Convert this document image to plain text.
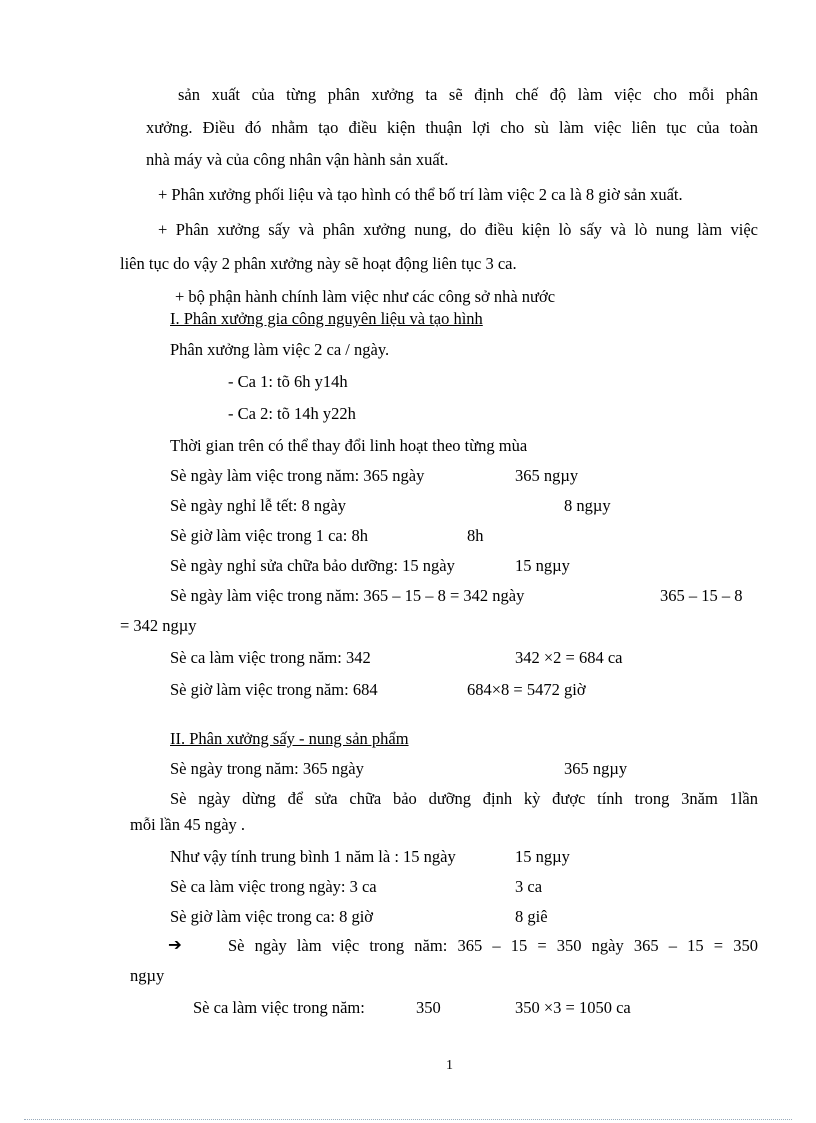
sản xuất của từng phân xưởng ta sẽ định chế độ làm việc cho mỗi phân
xưởng. Điều đó nhằm tạo điều kiện thuận lợi cho sù làm việc liên tục của toàn
nhà máy và của công nhân vận hành sản xuất.
+ Phân xưởng phối liệu và tạo hình có thể bố trí làm việc 2 ca là 8 giờ sản xuất.
+ Phân xưởng sấy và phân xưởng nung, do điều kiện lò sấy và lò nung làm việc
liên tục do vậy 2 phân xưởng này sẽ hoạt động liên tục 3 ca.
+ bộ phận hành chính làm việc như các công sở nhà nước
I. Phân xưởng gia công nguyên liệu và tạo hình
Phân xưởng làm việc 2 ca / ngày.
- Ca 1: tõ 6h y14h
- Ca 2: tõ 14h y22h
Thời gian trên có thể thay đổi linh hoạt theo từng mùa
Sè ngày làm việc trong năm: 365 ngày	365 ngµy
Sè ngày nghỉ lễ tết: 8 ngày	8 ngµy
Sè giờ làm việc trong 1 ca: 8h	8h
Sè ngày nghỉ sửa chữa bảo dưỡng: 15 ngày	15 ngµy
Sè ngày làm việc trong năm: 365 – 15 – 8 = 342 ngày	365 – 15 – 8
= 342 ngµy
Sè ca làm việc trong năm: 342	342 ×2 = 684 ca
Sè giờ làm việc trong năm: 684	684×8 = 5472 giờ
II. Phân xưởng sấy - nung sản phẩm
Sè ngày trong năm: 365 ngày	365 ngµy
Sè ngày dừng để sửa chữa bảo dưỡng định kỳ được tính trong 3năm 1lần
mỗi lần 45 ngày .
Như vậy tính trung bình 1 năm là : 15 ngày	15 ngµy
Sè ca làm việc trong ngày: 3 ca	3 ca
Sè giờ làm việc trong ca: 8 giờ	8 giê
➔	Sè ngày làm việc trong năm: 365 – 15 = 350 ngày 365 – 15 = 350
ngµy
Sè ca làm việc trong năm:	350	350 ×3 = 1050 ca
1
